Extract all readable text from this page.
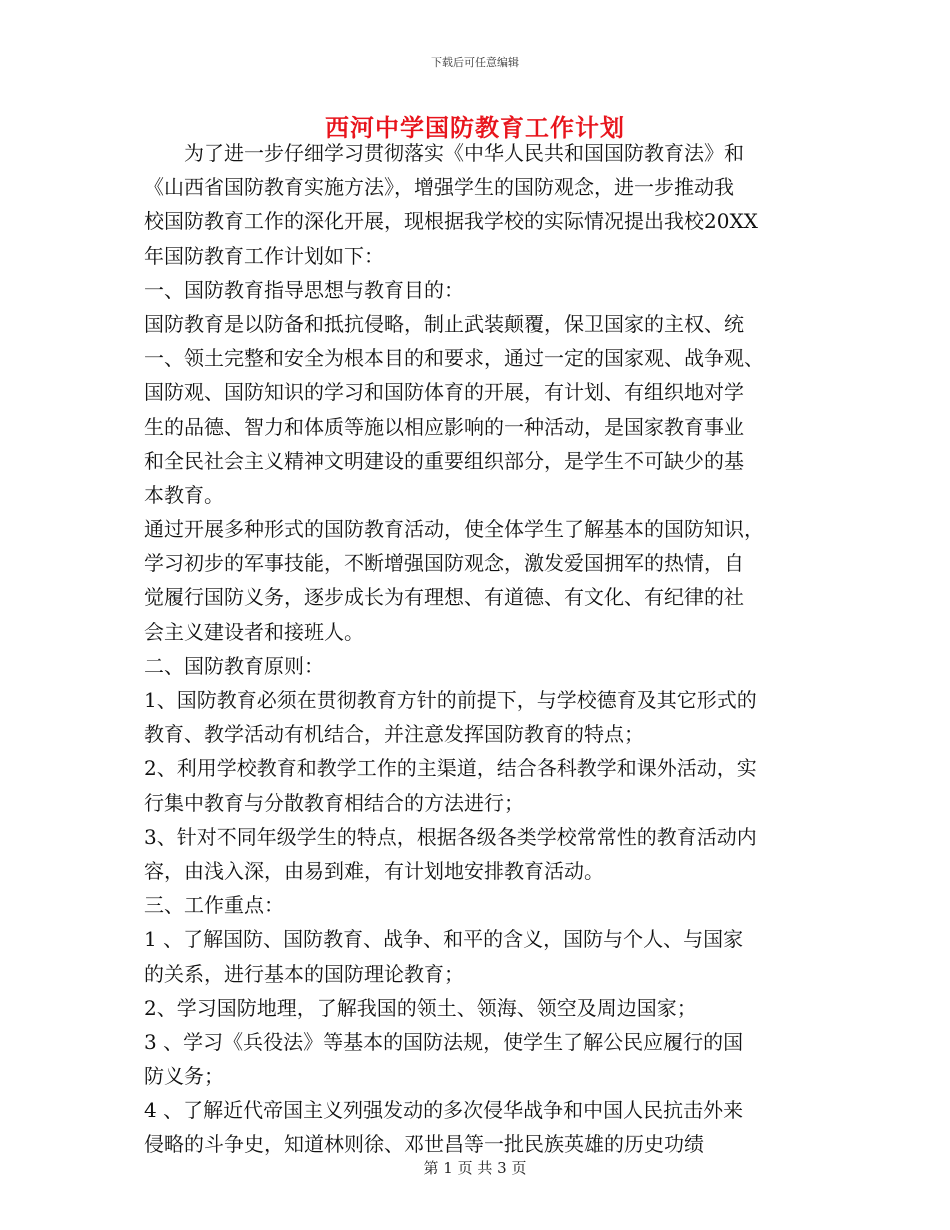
下载后可任意编辑
西河中学国防教育工作计划
　　为了进一步仔细学习贯彻落实《中华人民共和国国防教育法》和
《山西省国防教育实施方法》，增强学生的国防观念，进一步推动我
校国防教育工作的深化开展，现根据我学校的实际情况提出我校20XX
年国防教育工作计划如下：
一、国防教育指导思想与教育目的：
国防教育是以防备和抵抗侵略，制止武装颠覆，保卫国家的主权、统
一、领土完整和安全为根本目的和要求，通过一定的国家观、战争观、
国防观、国防知识的学习和国防体育的开展，有计划、有组织地对学
生的品德、智力和体质等施以相应影响的一种活动，是国家教育事业
和全民社会主义精神文明建设的重要组织部分，是学生不可缺少的基
本教育。
通过开展多种形式的国防教育活动，使全体学生了解基本的国防知识，
学习初步的军事技能，不断增强国防观念，激发爱国拥军的热情，自
觉履行国防义务，逐步成长为有理想、有道德、有文化、有纪律的社
会主义建设者和接班人。
二、国防教育原则：
1、国防教育必须在贯彻教育方针的前提下，与学校德育及其它形式的
教育、教学活动有机结合，并注意发挥国防教育的特点；
2、利用学校教育和教学工作的主渠道，结合各科教学和课外活动，实
行集中教育与分散教育相结合的方法进行；
3、针对不同年级学生的特点，根据各级各类学校常常性的教育活动内
容，由浅入深，由易到难，有计划地安排教育活动。
三、工作重点：
1 、了解国防、国防教育、战争、和平的含义，国防与个人、与国家
的关系，进行基本的国防理论教育；
2、学习国防地理，了解我国的领土、领海、领空及周边国家；
3 、学习《兵役法》等基本的国防法规，使学生了解公民应履行的国
防义务；
4 、了解近代帝国主义列强发动的多次侵华战争和中国人民抗击外来
侵略的斗争史，知道林则徐、邓世昌等一批民族英雄的历史功绩
第 1 页 共 3 页
